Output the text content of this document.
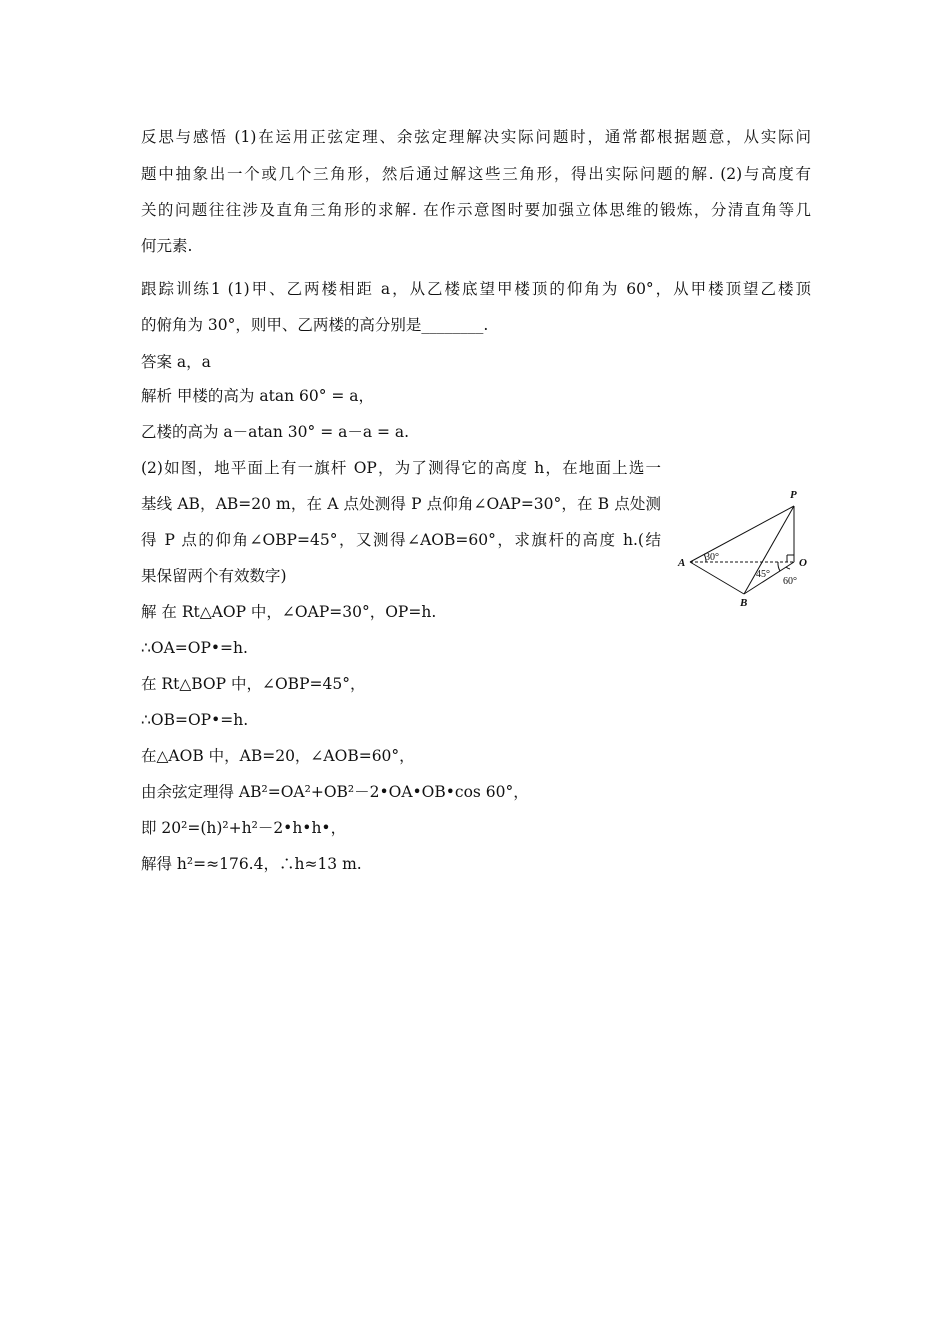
反思与感悟 (1)在运用正弦定理、余弦定理解决实际问题时，通常都根据题意，从实际问
题中抽象出一个或几个三角形，然后通过解这些三角形，得出实际问题的解. (2)与高度有
关的问题往往涉及直角三角形的求解. 在作示意图时要加强立体思维的锻炼，分清直角等几
何元素.
跟踪训练1 (1)甲、乙两楼相距 a，从乙楼底望甲楼顶的仰角为 60°，从甲楼顶望乙楼顶
的俯角为 30°，则甲、乙两楼的高分别是________.
答案 a，a
解析 甲楼的高为 atan 60° = a，
乙楼的高为 a－atan 30° = a－a = a.
(2)如图，地平面上有一旗杆 OP，为了测得它的高度 h，在地面上选一
基线 AB，AB=20 m，在 A 点处测得 P 点仰角∠OAP=30°，在 B 点处测
得 P 点的仰角∠OBP=45°，又测得∠AOB=60°，求旗杆的高度 h.(结
果保留两个有效数字)
P
A	O
B
30°
45°
60°
解 在 Rt△AOP 中，∠OAP=30°，OP=h.
∴OA=OP•=h.
在 Rt△BOP 中，∠OBP=45°，
∴OB=OP•=h.
在△AOB 中，AB=20，∠AOB=60°，
由余弦定理得 AB²=OA²+OB²－2•OA•OB•cos 60°，
即 20²=(h)²+h²－2•h•h•，
解得 h²=≈176.4，∴h≈13 m.
